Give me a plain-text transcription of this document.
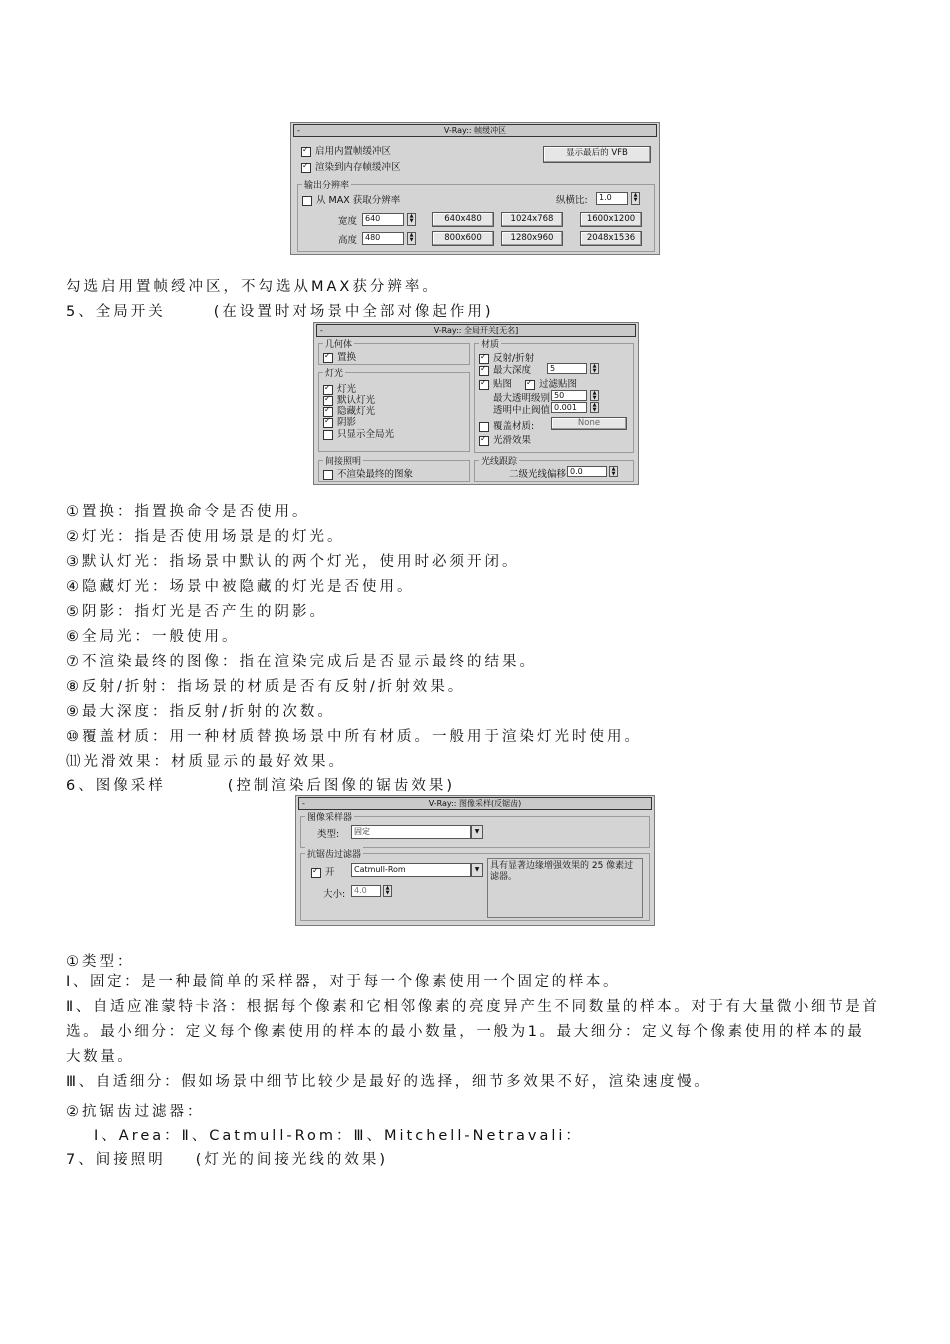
-	V-Ray:: 帧缓冲区
✓启用内置帧缓冲区
✓渲染到内存帧缓冲区
显示最后的 VFB
输出分辨率
从 MAX 获取分辨率	纵横比:	1.0	▲
▼
宽度 640	▲
▼
高度 480	▲
▼
640x480	1024x768	1600x1200
800x600	1280x960	2048x1536
勾选启用置帧绶冲区，不勾选从MAX获分辨率。
5、全局开关	(在设置时对场景中全部对像起作用)
-	V-Ray:: 全局开关[无名]
几何体
✓置换
灯光
✓灯光
✓默认灯光
✓隐藏灯光
✓阴影
只显示全局光
间接照明
不渲染最终的图象
材质
✓反射/折射
✓最大深度	5	▲
▼
✓贴图
✓	过滤贴图
最大透明级别 50	▲
▼
透明中止阀值 0.001	▲
▼
覆盖材质:	None
✓光滑效果
光线跟踪
二级光线偏移 0.0	▲
▼
①置换：指置换命令是否使用。
②灯光：指是否使用场景是的灯光。
③默认灯光：指场景中默认的两个灯光，使用时必须开闭。
④隐藏灯光：场景中被隐藏的灯光是否使用。
⑤阴影：指灯光是否产生的阴影。
⑥全局光：一般使用。
⑦不渲染最终的图像：指在渲染完成后是否显示最终的结果。
⑧反射/折射：指场景的材质是否有反射/折射效果。
⑨最大深度：指反射/折射的次数。
⑩覆盖材质：用一种材质替换场景中所有材质。一般用于渲染灯光时使用。
⑾光滑效果：材质显示的最好效果。
6、图像采样	(控制渲染后图像的锯齿效果)
-	V-Ray:: 图像采样(反锯齿)
图像采样器
类型:	固定	▼
抗锯齿过滤器
✓开	Catmull-Rom	▼
大小:	4.0	▲
▼
具有显著边缘增强效果的 25 像素过滤器。
①类型：
Ⅰ、固定：是一种最简单的采样器，对于每一个像素使用一个固定的样本。
Ⅱ、自适应准蒙特卡洛：根据每个像素和它相邻像素的亮度异产生不同数量的样本。对于有大量微小细节是首选。最小细分：定义每个像素使用的样本的最小数量，一般为1。最大细分：定义每个像素使用的样本的最大数量。
Ⅲ、自适细分：假如场景中细节比较少是最好的选择，细节多效果不好，渲染速度慢。
②抗锯齿过滤器：
Ⅰ、Area：Ⅱ、Catmull-Rom：Ⅲ、Mitchell-Netravali：
7、间接照明 (灯光的间接光线的效果)
